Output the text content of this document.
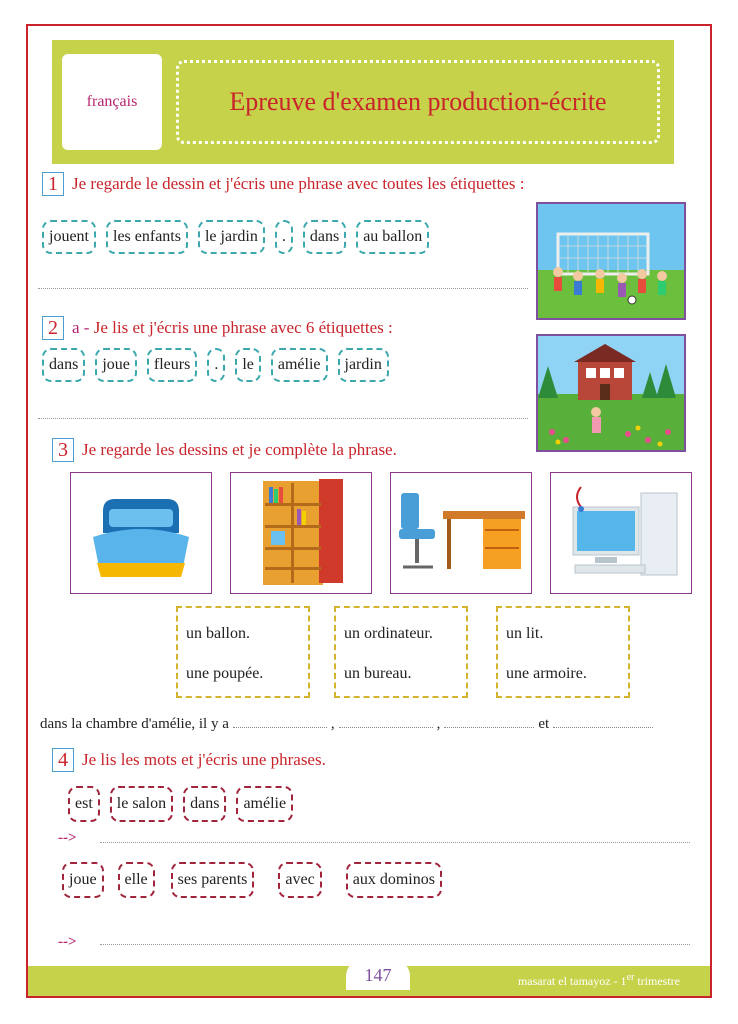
français	Epreuve d'examen production-écrite
1 Je regarde le dessin et j'écris une phrase avec toutes les étiquettes :
jouent	les enfants	le jardin	.	dans	au ballon
2 a - Je lis et j'écris une phrase avec 6 étiquettes :
dans	joue	fleurs	.	le	amélie	jardin
3 Je regarde les dessins et je complète la phrase.
un ballon.
une poupée.
un ordinateur.
un bureau.
un lit.
une armoire.
dans la chambre d'amélie, il y a	,	,	et
4 Je lis les mots et j'écris une phrases.
est	le salon	dans	amélie
-->
joue	elle	ses parents	avec	aux dominos
-->
147	masarat el tamayoz - 1er trimestre
